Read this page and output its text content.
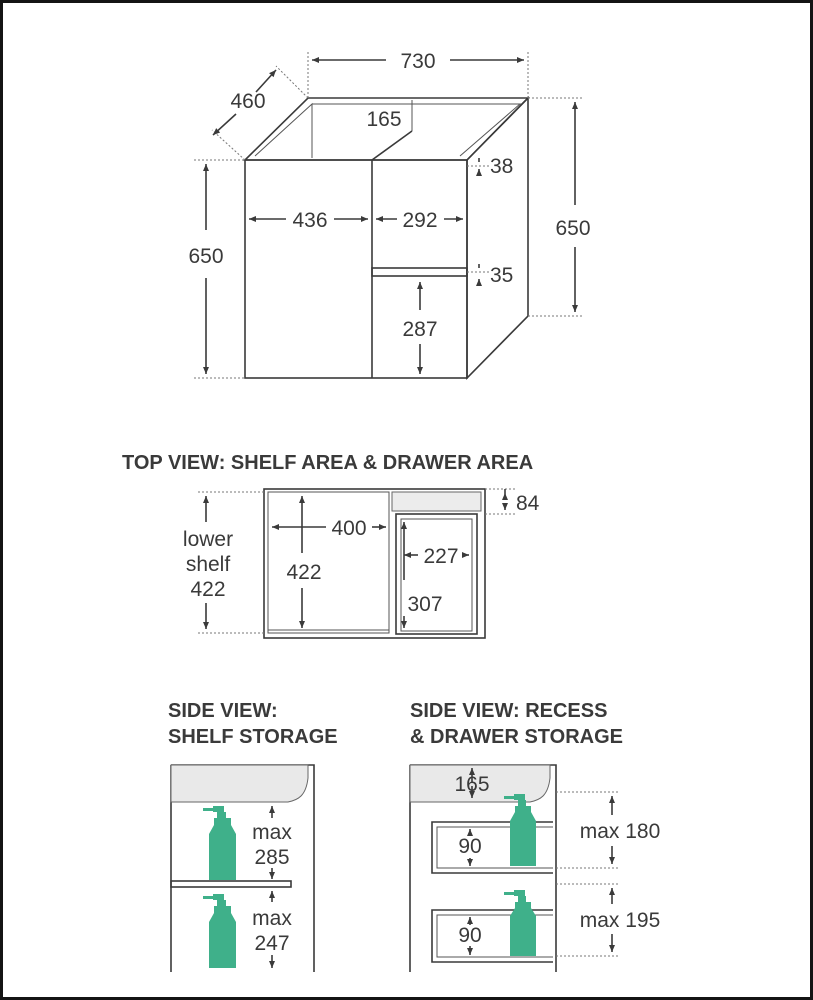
730
460
165
650
650
38
436	292
35
287
TOP VIEW: SHELF AREA & DRAWER AREA
lower
shelf
422
84
400
422
227
307
SIDE VIEW:
SHELF STORAGE
max
285
max
247
SIDE VIEW: RECESS
& DRAWER STORAGE
165
90
90
max 180
max 195
